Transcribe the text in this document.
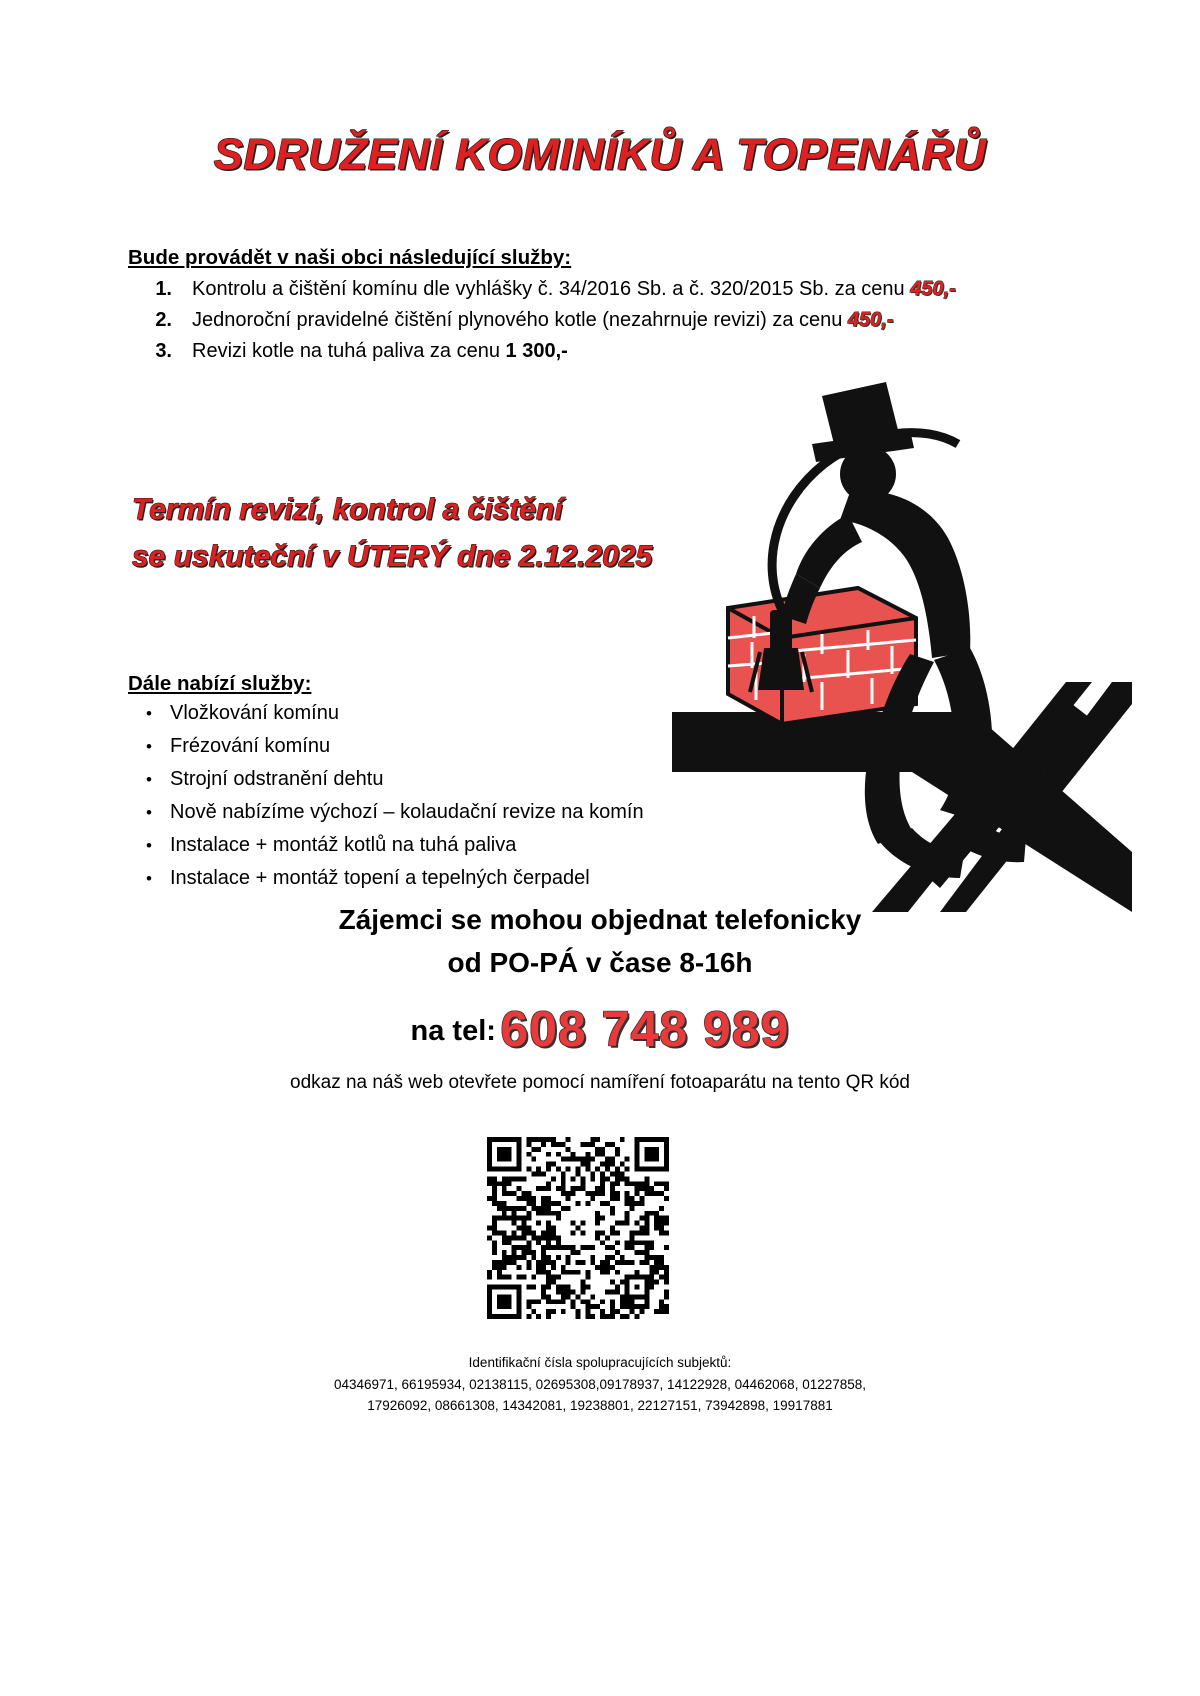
SDRUŽENÍ KOMINÍKŮ A TOPENÁŘŮ
Bude provádět v naši obci následující služby:
1.	Kontrolu a čištění komínu dle vyhlášky č. 34/2016 Sb. a č. 320/2015 Sb. za cenu 450,-
2.	Jednoroční pravidelné čištění plynového kotle (nezahrnuje revizi) za cenu 450,-
3.	Revizi kotle na tuhá paliva za cenu 1 300,-
Termín revizí, kontrol a čištění
se uskuteční v ÚTERÝ dne 2.12.2025
Dále nabízí služby:
• Vložkování komínu
• Frézování komínu
• Strojní odstranění dehtu
• Nově nabízíme výchozí – kolaudační revize na komín
• Instalace + montáž kotlů na tuhá paliva
• Instalace + montáž topení a tepelných čerpadel
Zájemci se mohou objednat telefonicky
od PO-PÁ v čase 8-16h
na tel: 608 748 989
odkaz na náš web otevřete pomocí namíření fotoaparátu na tento QR kód
Identifikační čísla spolupracujících subjektů:
04346971, 66195934, 02138115, 02695308,09178937, 14122928, 04462068, 01227858,
17926092, 08661308, 14342081, 19238801, 22127151, 73942898, 19917881
